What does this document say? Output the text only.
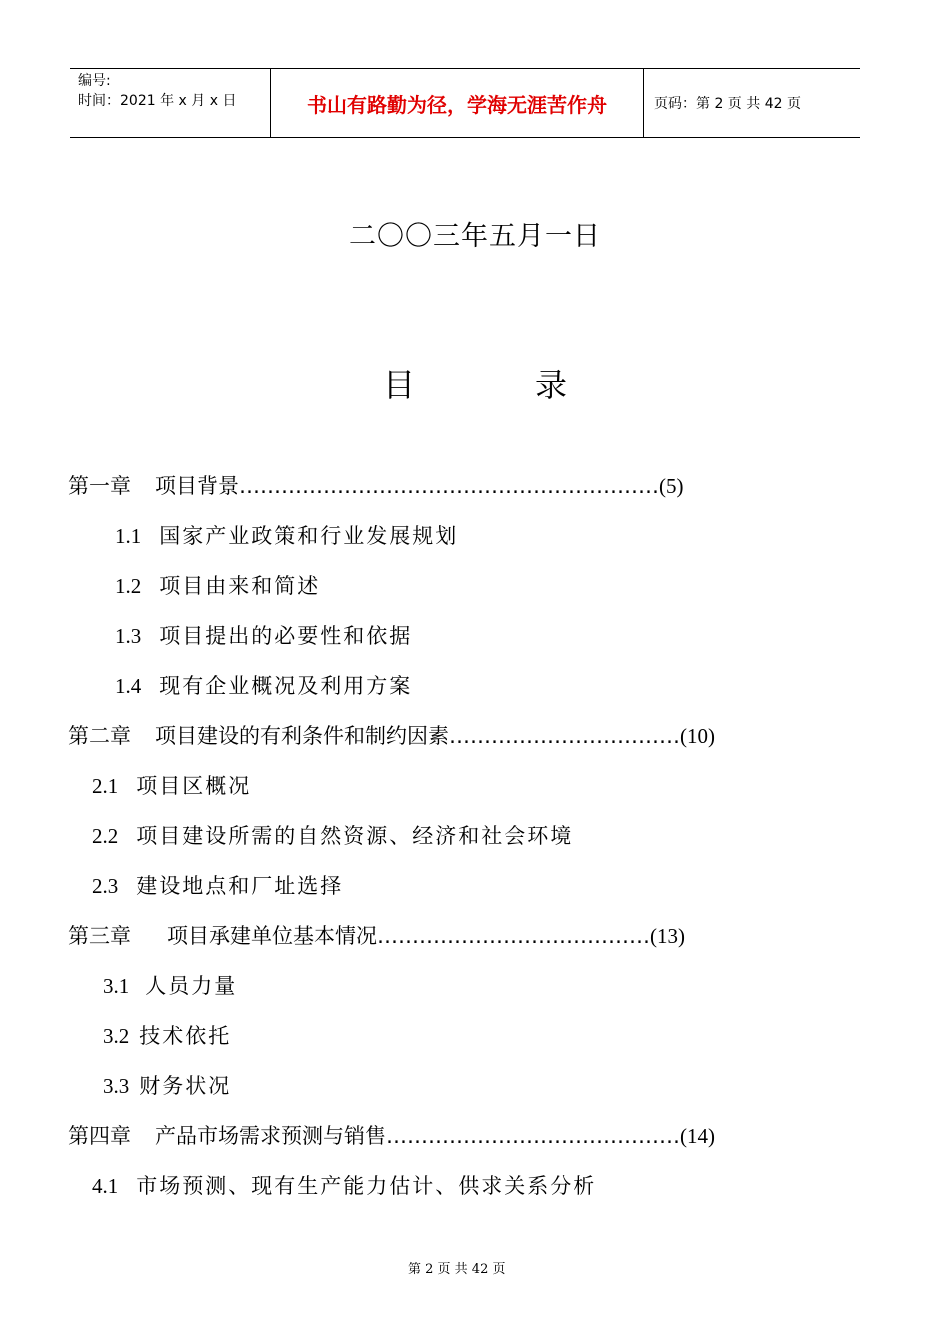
编号:
时间：2021 年 x 月 x 日	书山有路勤为径，学海无涯苦作舟	页码：第 2 页 共 42 页
二〇〇三年五月一日
目	录
第一章 项目背景……………………………………………………(5)
1.1 国家产业政策和行业发展规划
1.2 项目由来和简述
1.3 项目提出的必要性和依据
1.4 现有企业概况及利用方案
第二章 项目建设的有利条件和制约因素……………………………(10)
2.1 项目区概况
2.2 项目建设所需的自然资源、经济和社会环境
2.3 建设地点和厂址选择
第三章 项目承建单位基本情况…………………………………(13)
3.1 人员力量
3.2 技术依托
3.3 财务状况
第四章 产品市场需求预测与销售……………………………………(14)
4.1 市场预测、现有生产能力估计、供求关系分析
第 2 页 共 42 页
